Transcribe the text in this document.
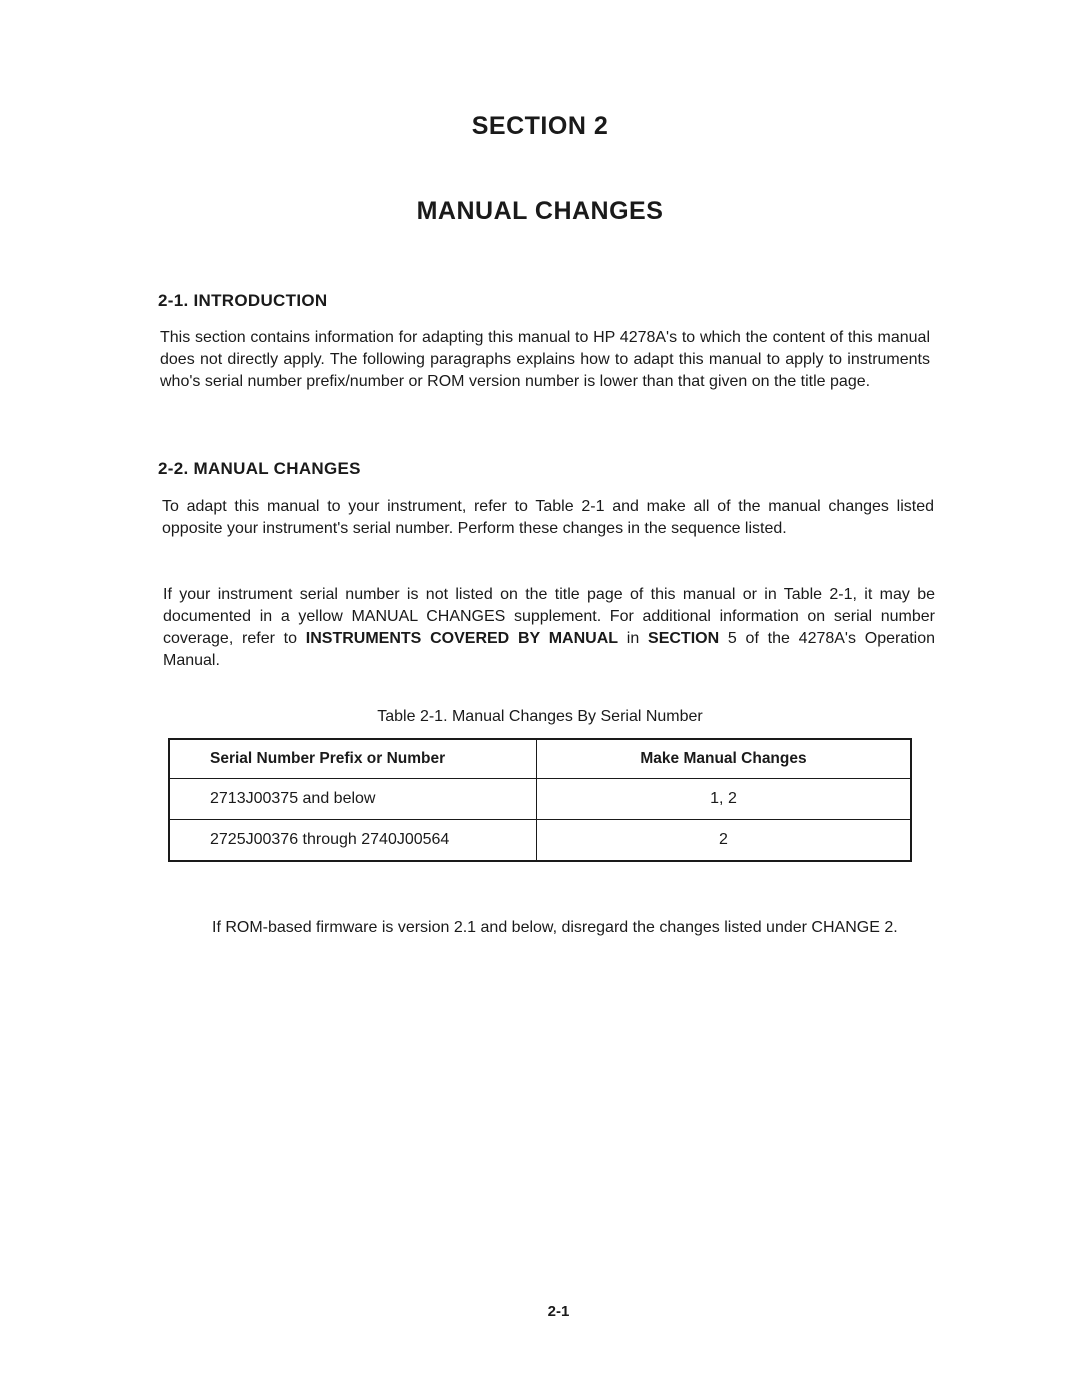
SECTION 2
MANUAL CHANGES
2-1. INTRODUCTION
This section contains information for adapting this manual to HP 4278A's to which the content of this manual does not directly apply. The following paragraphs explains how to adapt this manual to apply to instruments who's serial number prefix/number or ROM version number is lower than that given on the title page.
2-2. MANUAL CHANGES
To adapt this manual to your instrument, refer to Table 2-1 and make all of the manual changes listed opposite your instrument's serial number. Perform these changes in the sequence listed.
If your instrument serial number is not listed on the title page of this manual or in Table 2-1, it may be documented in a yellow MANUAL CHANGES supplement. For additional information on serial number coverage, refer to INSTRUMENTS COVERED BY MANUAL in SECTION 5 of the 4278A's Operation Manual.
Table 2-1. Manual Changes By Serial Number
Serial Number Prefix or Number	Make Manual Changes
2713J00375 and below	1, 2
2725J00376 through 2740J00564	2
If ROM-based firmware is version 2.1 and below, disregard the changes listed under CHANGE 2.
2-1
